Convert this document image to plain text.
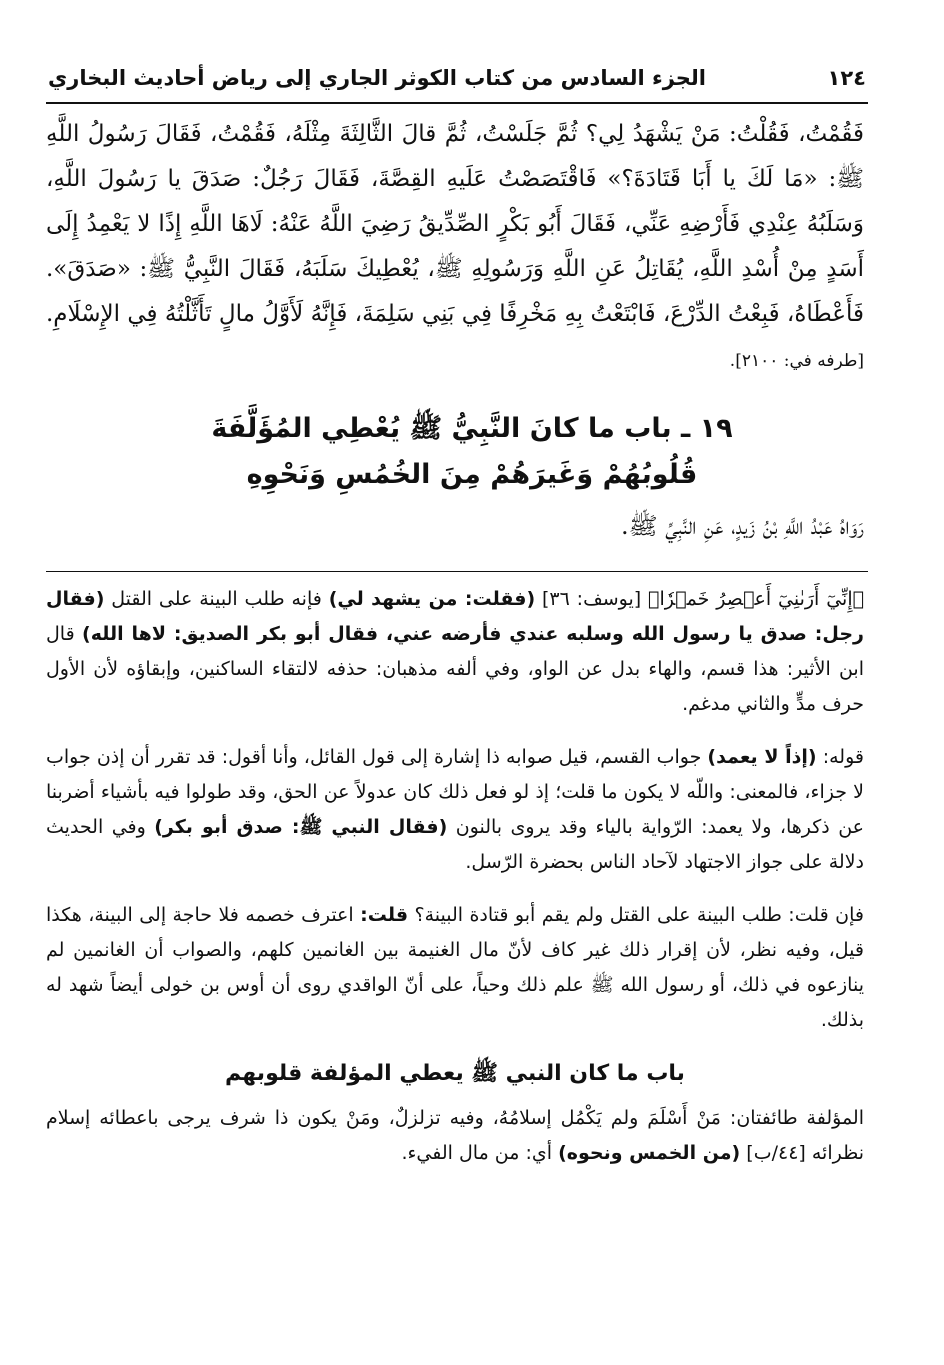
١٢٤
الجزء السادس من كتاب الكوثر الجاري إلى رياض أحاديث البخاري

فَقُمْتُ، فَقُلْتُ: مَنْ يَشْهَدُ لِي؟ ثُمَّ جَلَسْتُ، ثُمَّ قالَ الثَّالِثَةَ مِثْلَهُ، فَقُمْتُ، فَقَالَ رَسُولُ اللَّهِ ﷺ: «مَا لَكَ يا أَبَا قَتَادَةَ؟» فَاقْتَصَصْتُ عَلَيهِ القِصَّةَ، فَقَالَ رَجُلٌ: صَدَقَ يا رَسُولَ اللَّهِ، وَسَلَبُهُ عِنْدِي فَأَرْضِهِ عَنِّي، فَقَالَ أَبُو بَكْرٍ الصِّدِّيقُ رَضِيَ اللَّهُ عَنْهُ: لَاهَا اللَّهِ إِذًا لا يَعْمِدُ إِلَى أَسَدٍ مِنْ أُسْدِ اللَّهِ، يُقَاتِلُ عَنِ اللَّهِ وَرَسُولِهِ ﷺ، يُعْطِيكَ سَلَبَهُ، فَقَالَ النَّبِيُّ ﷺ: «صَدَقَ». فَأَعْطَاهُ، فَبِعْتُ الدِّرْعَ، فَابْتَعْتُ بِهِ مَخْرِفًا فِي بَنِي سَلِمَةَ، فَإِنَّهُ لَأَوَّلُ مالٍ تَأَثَّلْتُهُ فِي الإِسْلَامِ. [طرفه في: ٢١٠٠].

١٩ ـ باب ما كانَ النَّبِيُّ ﷺ يُعْطِي المُؤَلَّفَةَ
قُلُوبُهُمْ وَغَيرَهُمْ مِنَ الخُمُسِ وَنَحْوِهِ
رَوَاهُ عَبْدُ اللَّهِ بْنُ زَيدٍ، عَنِ النَّبِيِّ ﷺ.

﴿إِنِّيٓ أَرَىٰنِيٓ أَعۡصِرُ خَمۡرٗا﴾ [يوسف: ٣٦] (فقلت: من يشهد لي) فإنه طلب البينة على القتل (فقال رجل: صدق يا رسول الله وسلبه عندي فأرضه عني، فقال أبو بكر الصديق: لاها الله) قال ابن الأثير: هذا قسم، والهاء بدل عن الواو، وفي ألفه مذهبان: حذفه لالتقاء الساكنين، وإبقاؤه لأن الأول حرف مدٍّ والثاني مدغم.

قوله: (إذاً لا يعمد) جواب القسم، قيل صوابه ذا إشارة إلى قول القائل، وأنا أقول: قد تقرر أن إذن جواب لا جزاء، فالمعنى: واللّه لا يكون ما قلت؛ إذ لو فعل ذلك كان عدولاً عن الحق، وقد طولوا فيه بأشياء أضربنا عن ذكرها، ولا يعمد: الرّواية بالياء وقد يروى بالنون (فقال النبي ﷺ: صدق أبو بكر) وفي الحديث دلالة على جواز الاجتهاد لآحاد الناس بحضرة الرّسل.

فإن قلت: طلب البينة على القتل ولم يقم أبو قتادة البينة؟ قلت: اعترف خصمه فلا حاجة إلى البينة، هكذا قيل، وفيه نظر، لأن إقرار ذلك غير كاف لأنّ مال الغنيمة بين الغانمين كلهم، والصواب أن الغانمين لم ينازعوه في ذلك، أو رسول الله ﷺ علم ذلك وحياً، على أنّ الواقدي روى أن أوس بن خولى أيضاً شهد له بذلك.

باب ما كان النبي ﷺ يعطي المؤلفة قلوبهم

المؤلفة طائفتان: مَنْ أَسْلَمَ ولم يَكْمُل إسلامُهُ، وفيه تزلزلٌ، ومَنْ يكون ذا شرف يرجى باعطائه إسلام نظرائه [٤٤/ب] (من الخمس ونحوه) أي: من مال الفيء.
